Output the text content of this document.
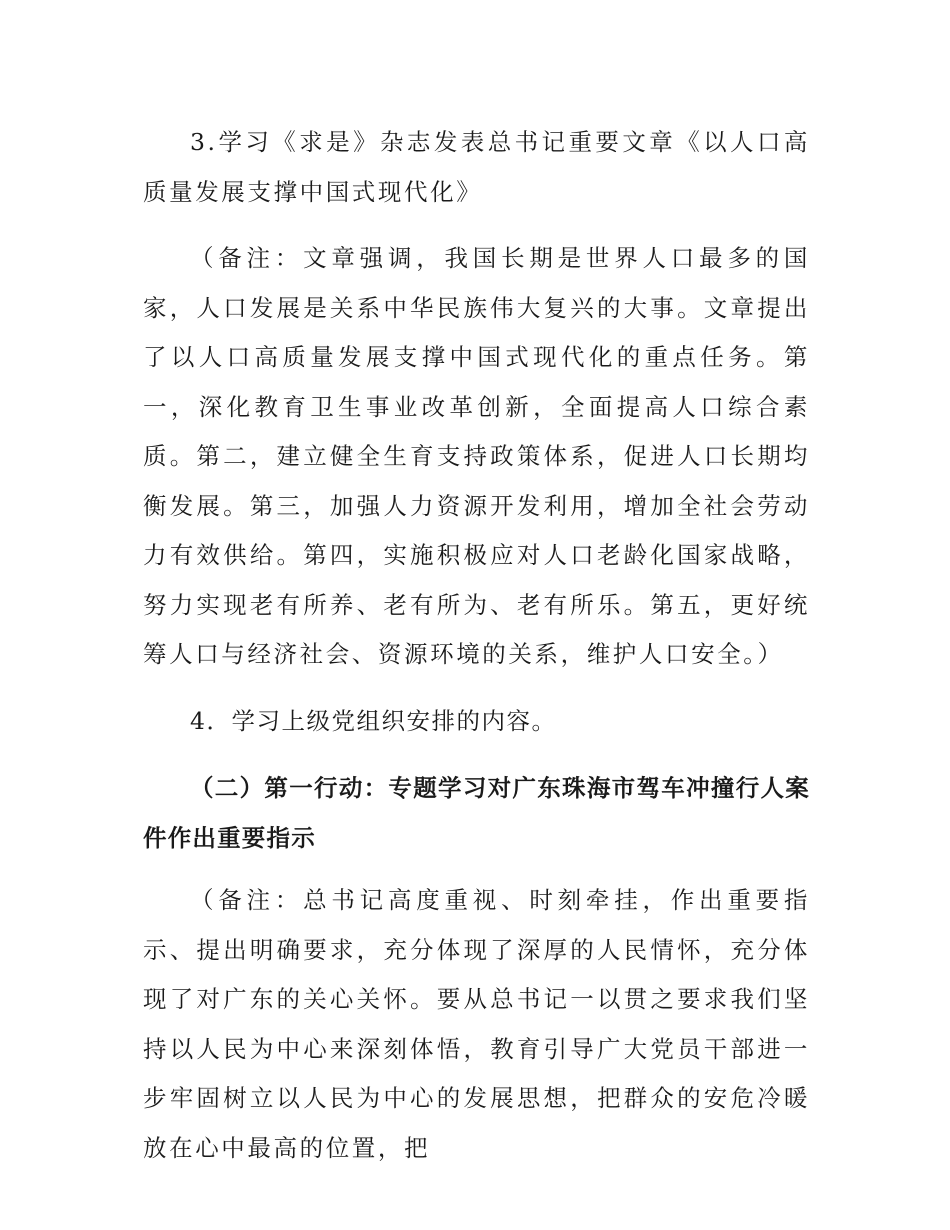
3.学习《求是》杂志发表总书记重要文章《以人口高质量发展支撑中国式现代化》

（备注：文章强调，我国长期是世界人口最多的国家，人口发展是关系中华民族伟大复兴的大事。文章提出了以人口高质量发展支撑中国式现代化的重点任务。第一，深化教育卫生事业改革创新，全面提高人口综合素质。第二，建立健全生育支持政策体系，促进人口长期均衡发展。第三，加强人力资源开发利用，增加全社会劳动力有效供给。第四，实施积极应对人口老龄化国家战略，努力实现老有所养、老有所为、老有所乐。第五，更好统筹人口与经济社会、资源环境的关系，维护人口安全。）

4．学习上级党组织安排的内容。

（二）第一行动：专题学习对广东珠海市驾车冲撞行人案件作出重要指示

（备注：总书记高度重视、时刻牵挂，作出重要指示、提出明确要求，充分体现了深厚的人民情怀，充分体现了对广东的关心关怀。要从总书记一以贯之要求我们坚持以人民为中心来深刻体悟，教育引导广大党员干部进一步牢固树立以人民为中心的发展思想，把群众的安危冷暖放在心中最高的位置，把
